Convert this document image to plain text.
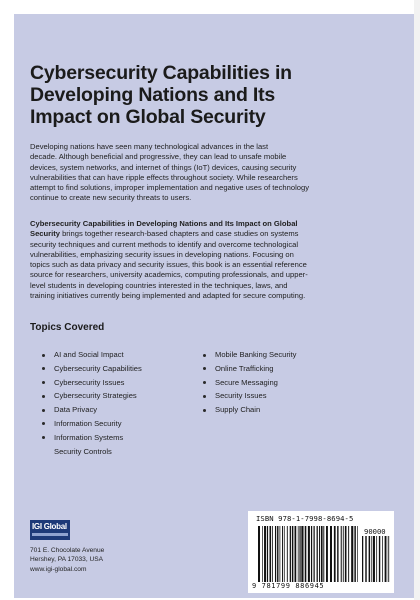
Cybersecurity Capabilities in
Developing Nations and Its
Impact on Global Security
Developing nations have seen many technological advances in the last
decade. Although beneficial and progressive, they can lead to unsafe mobile
devices, system networks, and internet of things (IoT) devices, causing security
vulnerabilities that can have ripple effects throughout society. While researchers
attempt to find solutions, improper implementation and negative uses of technology
continue to create new security threats to users.
Cybersecurity Capabilities in Developing Nations and Its Impact on Global
Security brings together research-based chapters and case studies on systems
security techniques and current methods to identify and overcome technological
vulnerabilities, emphasizing security issues in developing nations. Focusing on
topics such as data privacy and security issues, this book is an essential reference
source for researchers, university academics, computing professionals, and upper-
level students in developing countries interested in the techniques, laws, and
training initiatives currently being implemented and adapted for secure computing.
Topics Covered
AI and Social Impact
Cybersecurity Capabilities
Cybersecurity Issues
Cybersecurity Strategies
Data Privacy
Information Security
Information Systems
Security Controls
Mobile Banking Security
Online Trafficking
Secure Messaging
Security Issues
Supply Chain
IGI Global
701 E. Chocolate Avenue
Hershey, PA 17033, USA
www.igi-global.com
ISBN 978-1-7998-8694-5
90000
9 781799 886945
